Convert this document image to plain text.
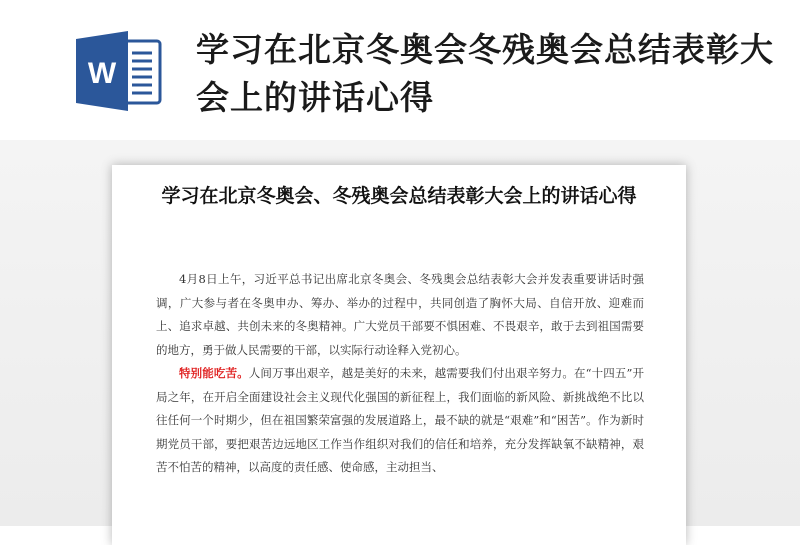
W
学习在北京冬奥会冬残奥会总结表彰大会上的讲话心得
学习在北京冬奥会、冬残奥会总结表彰大会上的讲话心得

4月8日上午，习近平总书记出席北京冬奥会、冬残奥会总结表彰大会并发表重要讲话时强调，广大参与者在冬奥申办、筹办、举办的过程中，共同创造了胸怀大局、自信开放、迎难而上、追求卓越、共创未来的冬奥精神。广大党员干部要不惧困难、不畏艰辛，敢于去到祖国需要的地方，勇于做人民需要的干部，以实际行动诠释入党初心。

特别能吃苦。人间万事出艰辛，越是美好的未来，越需要我们付出艰辛努力。在“十四五”开局之年，在开启全面建设社会主义现代化强国的新征程上，我们面临的新风险、新挑战绝不比以往任何一个时期少，但在祖国繁荣富强的发展道路上，最不缺的就是“艰难”和“困苦”。作为新时期党员干部，要把艰苦边远地区工作当作组织对我们的信任和培养，充分发挥缺氧不缺精神，艰苦不怕苦的精神，以高度的责任感、使命感，主动担当、
